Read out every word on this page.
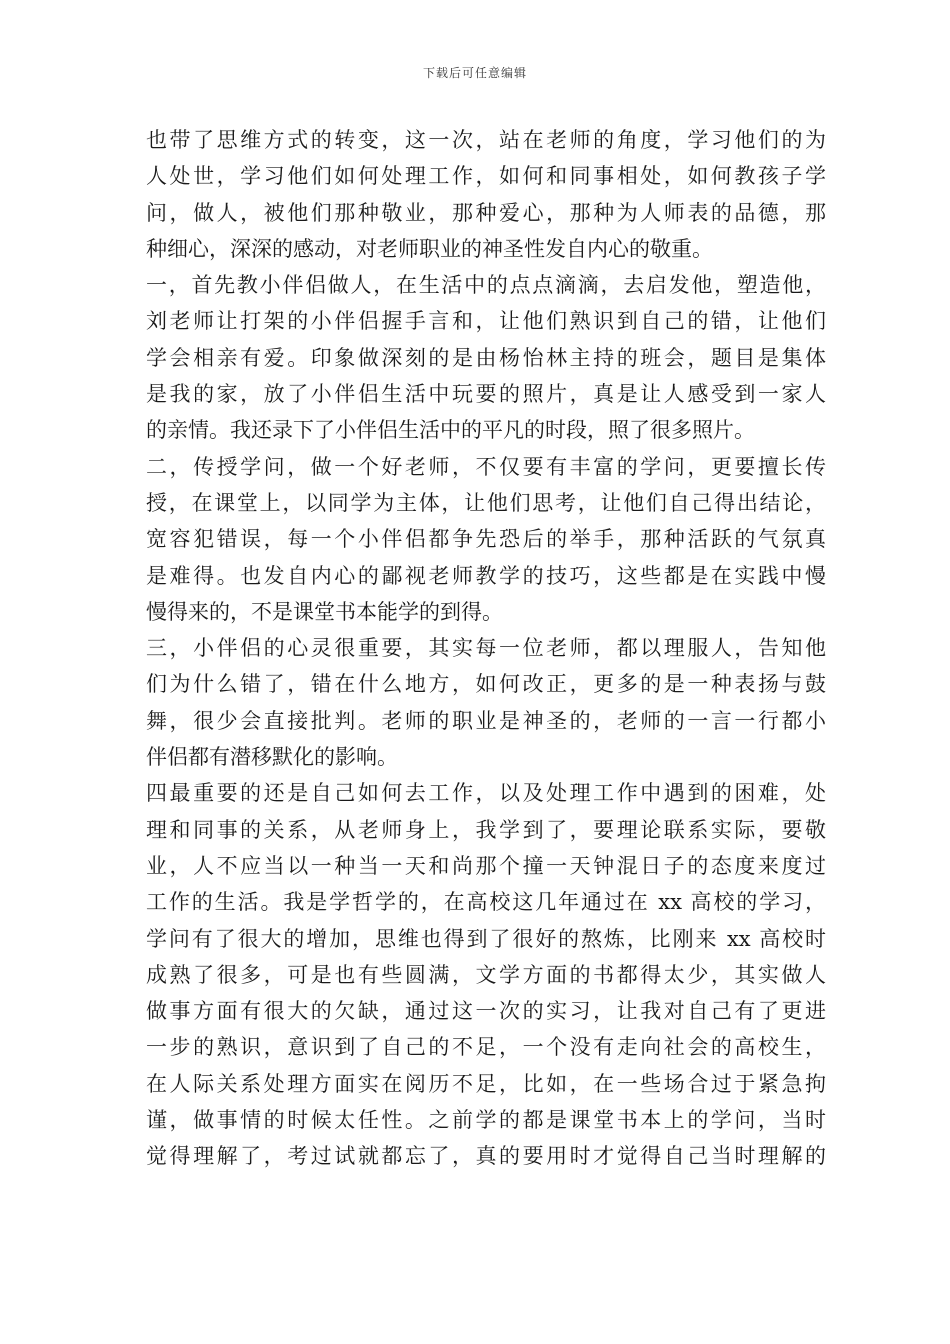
下载后可任意编辑
也带了思维方式的转变，这一次，站在老师的角度，学习他们的为
人处世，学习他们如何处理工作，如何和同事相处，如何教孩子学
问，做人，被他们那种敬业，那种爱心，那种为人师表的品德，那
种细心，深深的感动，对老师职业的神圣性发自内心的敬重。
一，首先教小伴侣做人，在生活中的点点滴滴，去启发他，塑造他，
刘老师让打架的小伴侣握手言和，让他们熟识到自己的错，让他们
学会相亲有爱。印象做深刻的是由杨怡林主持的班会，题目是集体
是我的家，放了小伴侣生活中玩要的照片，真是让人感受到一家人
的亲情。我还录下了小伴侣生活中的平凡的时段，照了很多照片。
二，传授学问，做一个好老师，不仅要有丰富的学问，更要擅长传
授，在课堂上，以同学为主体，让他们思考，让他们自己得出结论，
宽容犯错误，每一个小伴侣都争先恐后的举手，那种活跃的气氛真
是难得。也发自内心的鄙视老师教学的技巧，这些都是在实践中慢
慢得来的，不是课堂书本能学的到得。
三，小伴侣的心灵很重要，其实每一位老师，都以理服人，告知他
们为什么错了，错在什么地方，如何改正，更多的是一种表扬与鼓
舞，很少会直接批判。老师的职业是神圣的，老师的一言一行都小
伴侣都有潜移默化的影响。
四最重要的还是自己如何去工作，以及处理工作中遇到的困难，处
理和同事的关系，从老师身上，我学到了，要理论联系实际，要敬
业，人不应当以一种当一天和尚那个撞一天钟混日子的态度来度过
工作的生活。我是学哲学的，在高校这几年通过在 xx 高校的学习，
学问有了很大的增加，思维也得到了很好的熬炼，比刚来 xx 高校时
成熟了很多，可是也有些圆满，文学方面的书都得太少，其实做人
做事方面有很大的欠缺，通过这一次的实习，让我对自己有了更进
一步的熟识，意识到了自己的不足，一个没有走向社会的高校生，
在人际关系处理方面实在阅历不足，比如，在一些场合过于紧急拘
谨，做事情的时候太任性。之前学的都是课堂书本上的学问，当时
觉得理解了，考过试就都忘了，真的要用时才觉得自己当时理解的
